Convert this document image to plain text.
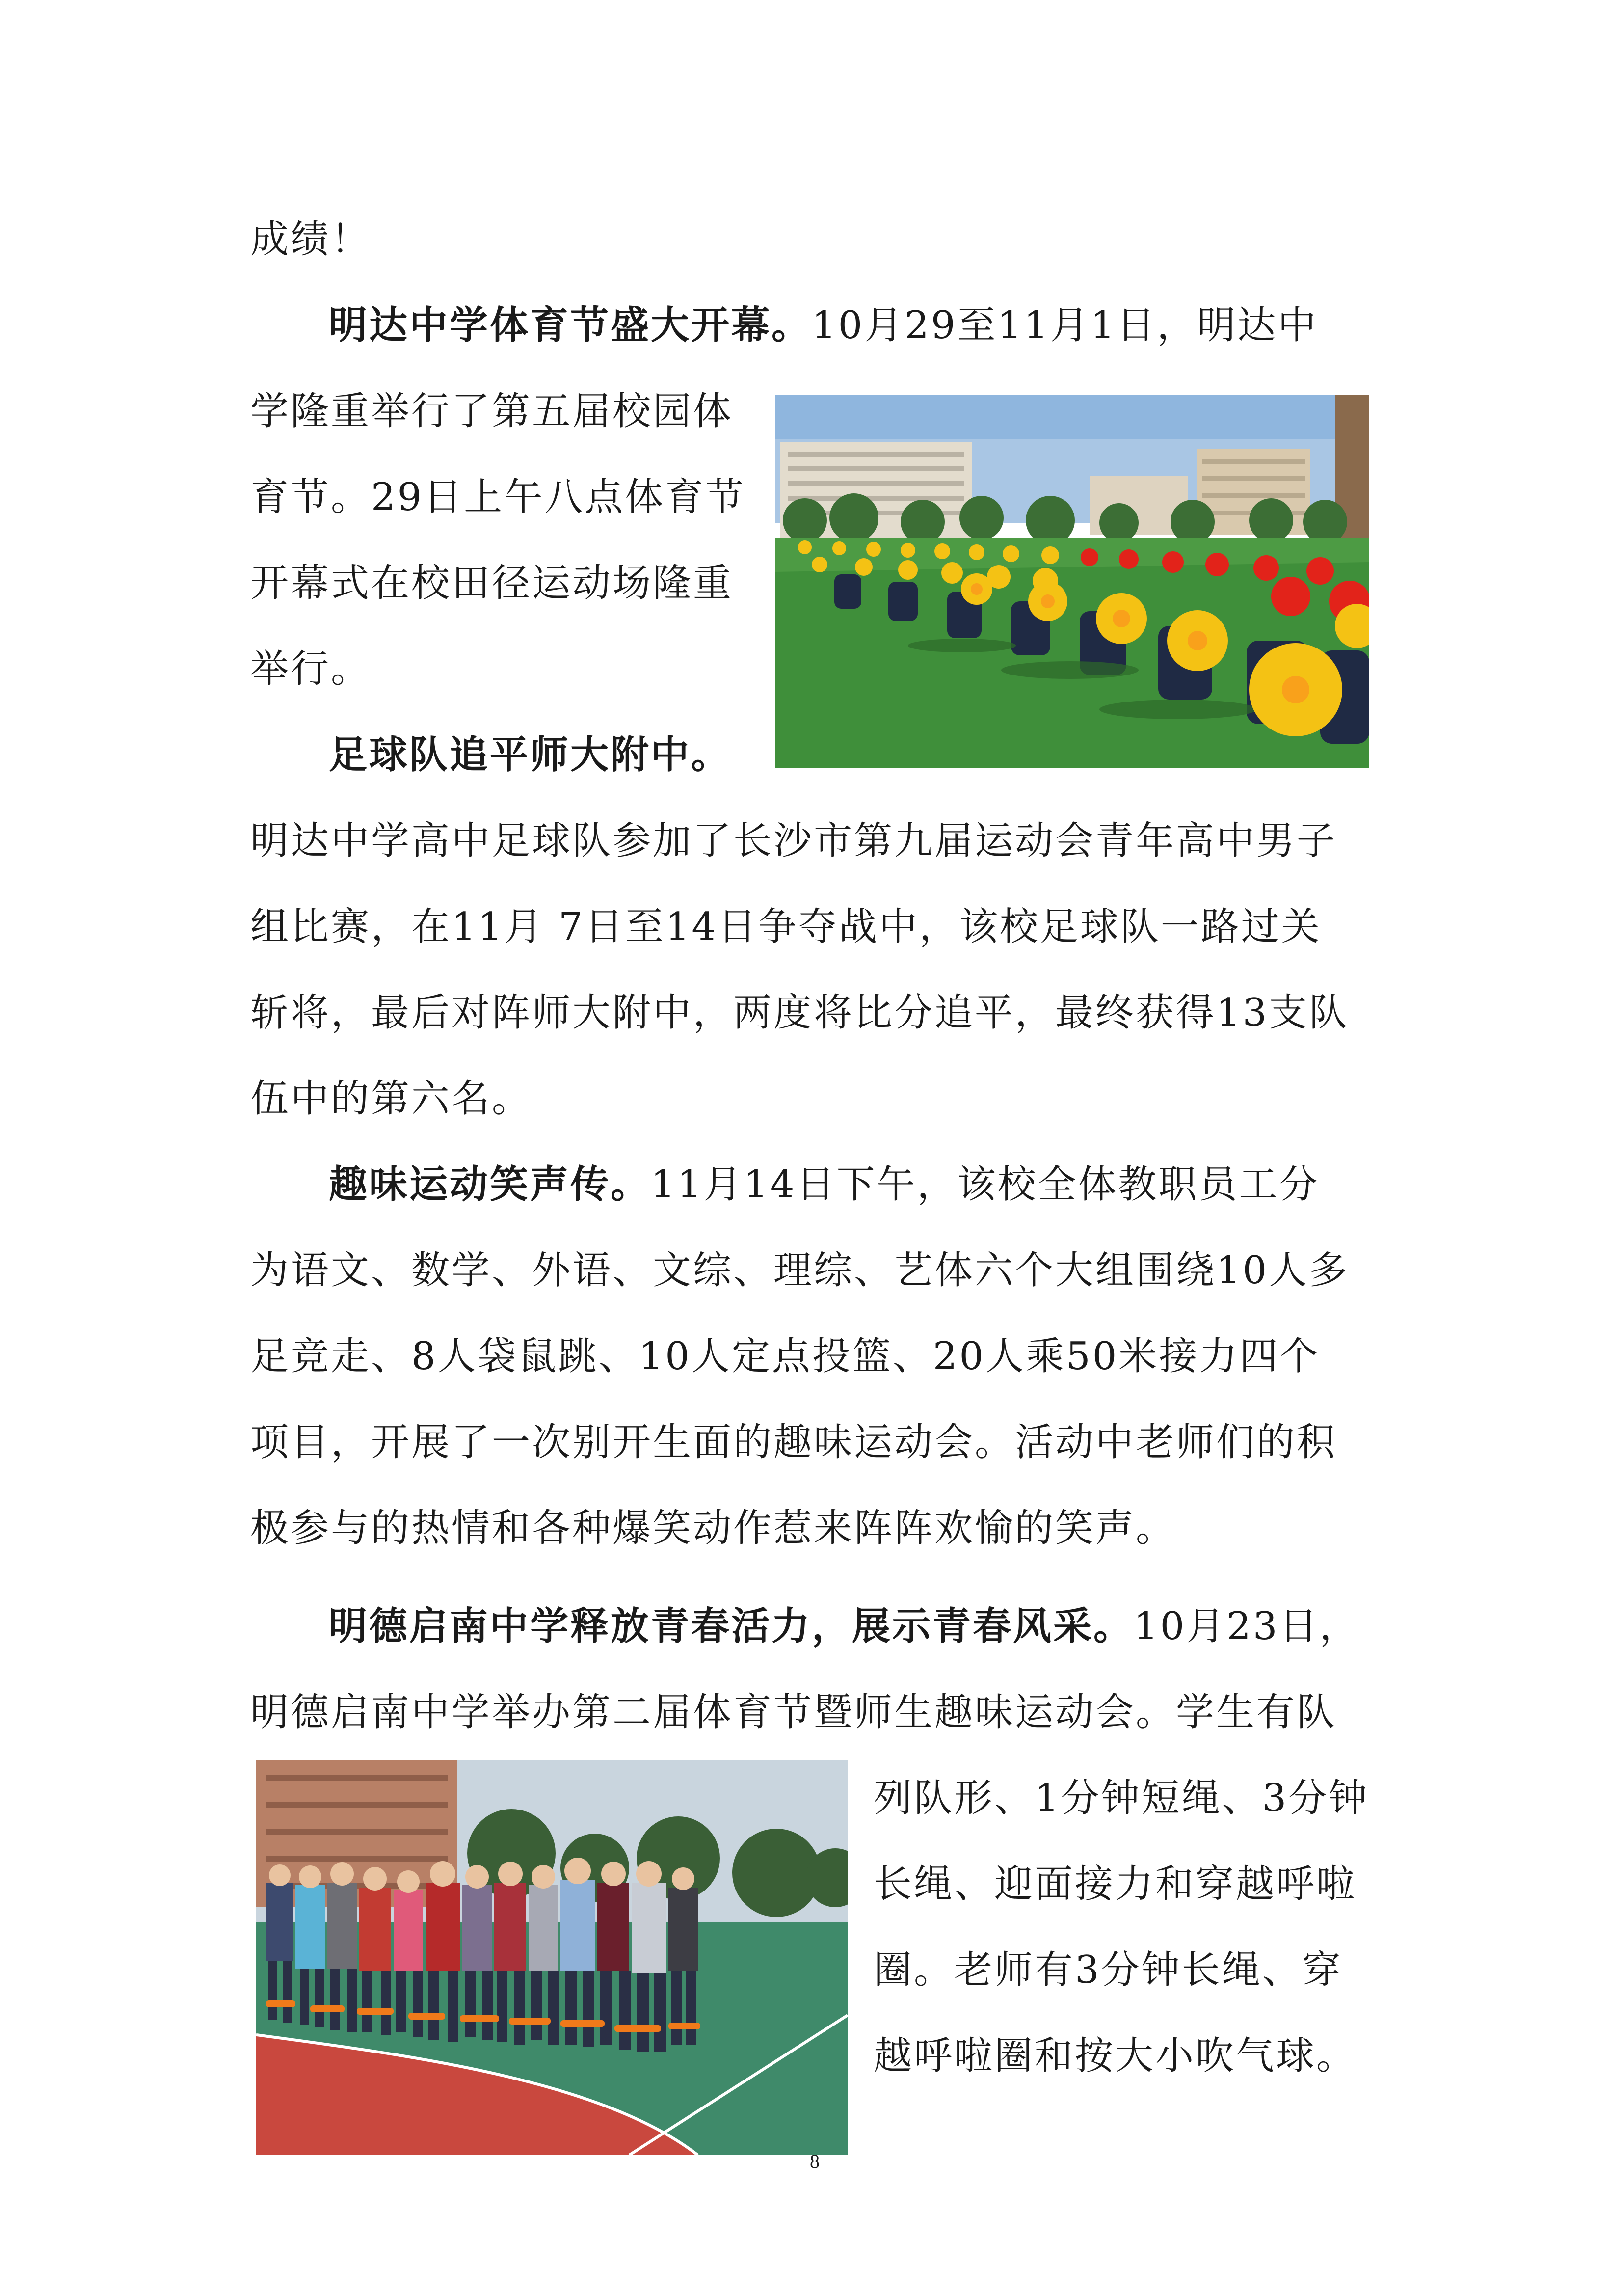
成绩！
明达中学体育节盛大开幕。10月29至11月1日，明达中
学隆重举行了第五届校园体
育节。29日上午八点体育节
开幕式在校田径运动场隆重
举行。
足球队追平师大附中。
明达中学高中足球队参加了长沙市第九届运动会青年高中男子
组比赛，在11月 7日至14日争夺战中，该校足球队一路过关
斩将，最后对阵师大附中，两度将比分追平，最终获得13支队
伍中的第六名。
趣味运动笑声传。11月14日下午，该校全体教职员工分
为语文、数学、外语、文综、理综、艺体六个大组围绕10人多
足竞走、8人袋鼠跳、10人定点投篮、20人乘50米接力四个
项目，开展了一次别开生面的趣味运动会。活动中老师们的积
极参与的热情和各种爆笑动作惹来阵阵欢愉的笑声。
明德启南中学释放青春活力，展示青春风采。10月23日，
明德启南中学举办第二届体育节暨师生趣味运动会。学生有队
列队形、1分钟短绳、3分钟
长绳、迎面接力和穿越呼啦
圈。老师有3分钟长绳、穿
越呼啦圈和按大小吹气球。
8
